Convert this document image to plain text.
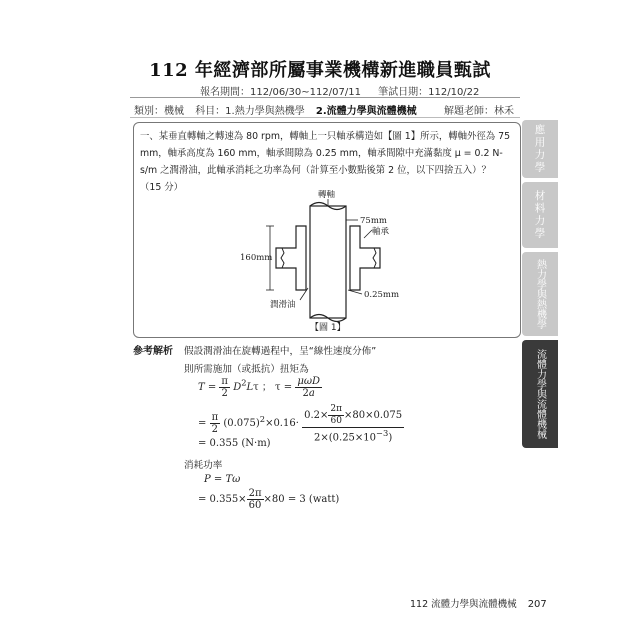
112 年經濟部所屬事業機構新進職員甄試
報名期間：112/06/30~112/07/11 筆試日期：112/10/22
類別：機械 科目：1.熱力學與熱機學 2.流體力學與流體機械	解題老師：林禾
一、某垂直轉軸之轉速為 80 rpm，轉軸上一只軸承構造如【圖 1】所示，轉軸外徑為 75 mm，軸承高度為 160 mm，軸承間隙為 0.25 mm，軸承間隙中充滿黏度 μ = 0.2 N-s/m 之潤滑油，此軸承消耗之功率為何（計算至小數點後第 2 位，以下四捨五入）？（15 分）
轉軸
75mm
軸承
160mm
潤滑油
0.25mm
【圖 1】
參考解析 假設潤滑油在旋轉過程中，呈“線性速度分佈”
則所需施加（或抵抗）扭矩為
$T = \frac{\pi}{2} D^2L\tau$ ； $\tau = \frac{\text{μωD}}{2a}$
= $\frac{\pi}{2} (0.075)^2\times 0.16\cdot \frac{0.2\times \frac{2\pi}{60} \times 80\times 0.075}{2\times(0.25\times 10^{-3})}$
= 0.355 (N·m)
消耗功率
P = Tω
= $0.355\times \frac{2\pi}{60} \times 80 = 3$ (watt)
應用力學
材料力學
熱力學與熱機學
流體力學與流體機械
112 流體力學與流體機械 207
